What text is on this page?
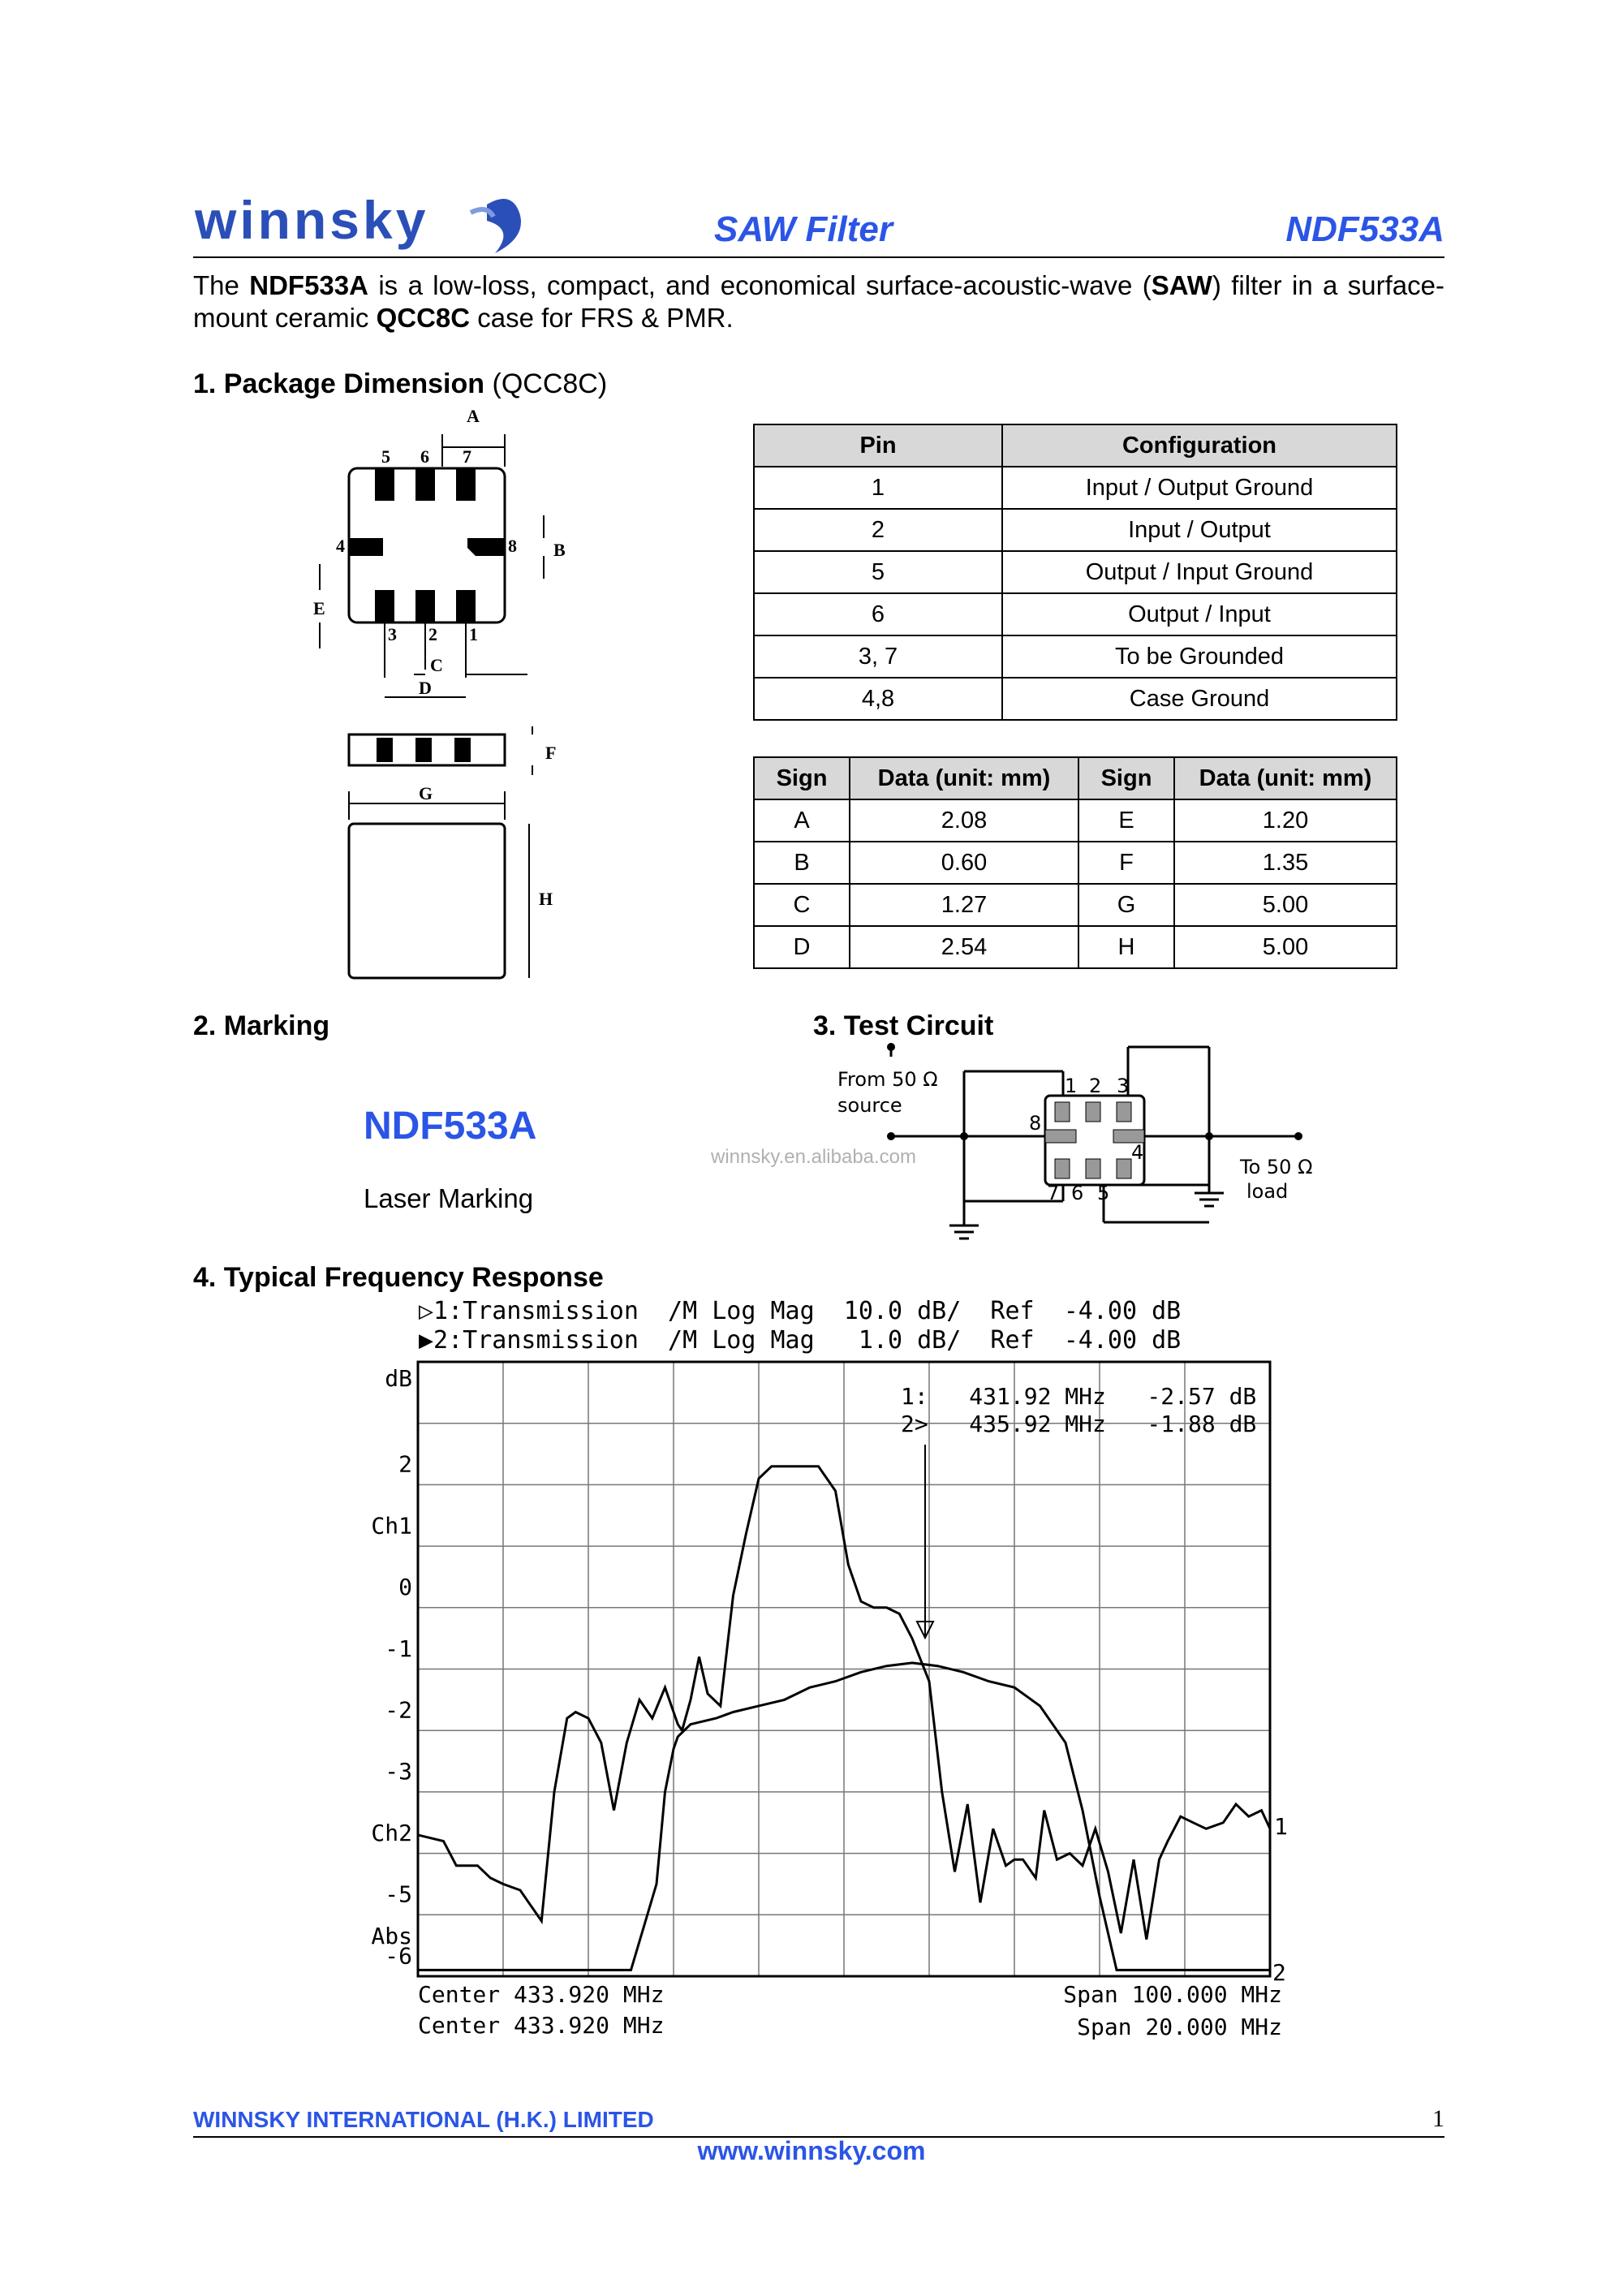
winnsky	SAW Filter	NDF533A
The NDF533A is a low-loss, compact, and economical surface-acoustic-wave (SAW) filter in a surface-mount ceramic QCC8C case for FRS & PMR.
1. Package Dimension (QCC8C)
A
B
C
D
E
F
G
H
5 6 7
4	8
3 2 1
Pin	Configuration
1	Input / Output Ground
2	Input / Output
5	Output / Input Ground
6	Output / Input
3, 7	To be Grounded
4,8	Case Ground
Sign	Data (unit: mm)	Sign	Data (unit: mm)
A	2.08	E	1.20
B	0.60	F	1.35
C	1.27	G	5.00
D	2.54	H	5.00
2. Marking	3. Test Circuit
NDF533A
Laser Marking
winnsky.en.alibaba.com
From 50 Ω
source
To 50 Ω
load
1 2 3
7 6 5
8
4
4. Typical Frequency Response
▷1:Transmission  /M Log Mag  10.0 dB/  Ref  -4.00 dB
▶2:Transmission  /M Log Mag   1.0 dB/  Ref  -4.00 dB
dB
2
Ch1
0
-1
-2
-3
Ch2
-5
-6
Abs
1:   431.92 MHz   -2.57 dB
2>   435.92 MHz   -1.88 dB
Center 433.920 MHz
Center 433.920 MHz
Span 100.000 MHz
Span 20.000 MHz
1
2
WINNSKY INTERNATIONAL (H.K.) LIMITED	1
www.winnsky.com
